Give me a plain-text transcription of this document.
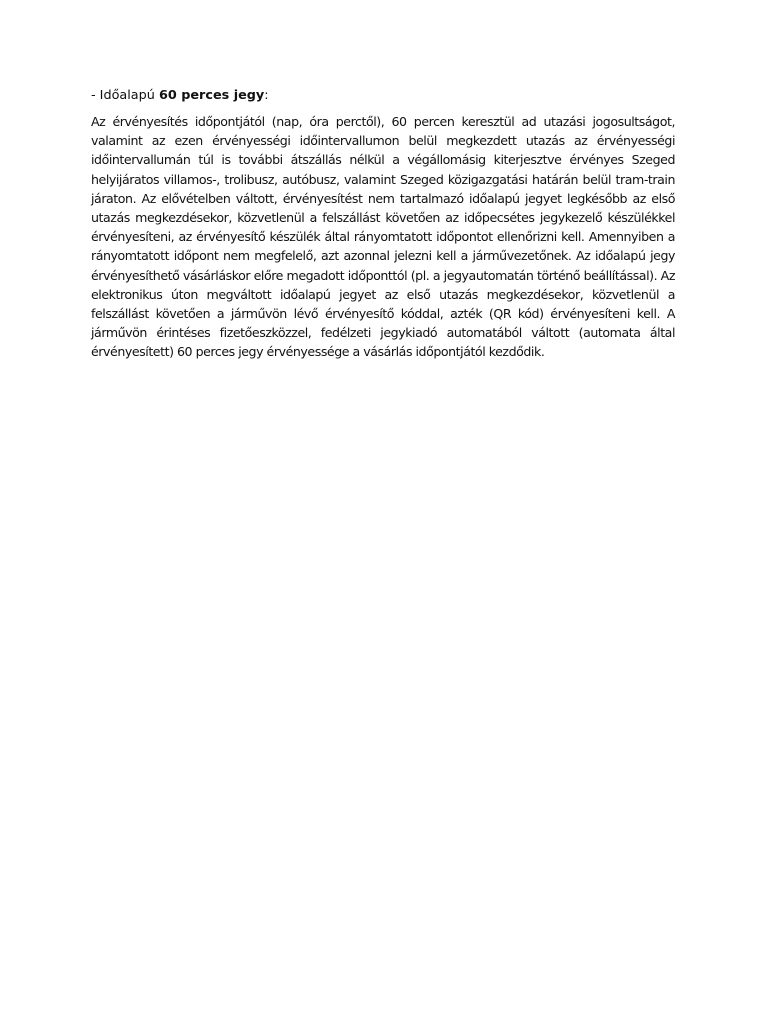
- Időalapú 60 perces jegy:

Az érvényesítés időpontjától (nap, óra perctől), 60 percen keresztül ad utazási jogosultságot, valamint az ezen érvényességi időintervallumon belül megkezdett utazás az érvényességi időintervallumán túl is további átszállás nélkül a végállomásig kiterjesztve érvényes Szeged helyijáratos villamos-, trolibusz, autóbusz, valamint Szeged közigazgatási határán belül tram-train járaton. Az elővételben váltott, érvényesítést nem tartalmazó időalapú jegyet legkésőbb az első utazás megkezdésekor, közvetlenül a felszállást követően az időpecsétes jegykezelő készülékkel érvényesíteni, az érvényesítő készülék által rányomtatott időpontot ellenőrizni kell. Amennyiben a rányomtatott időpont nem megfelelő, azt azonnal jelezni kell a járművezetőnek. Az időalapú jegy érvényesíthető vásárláskor előre megadott időponttól (pl. a jegyautomatán történő beállítással). Az elektronikus úton megváltott időalapú jegyet az első utazás megkezdésekor, közvetlenül a felszállást követően a járművön lévő érvényesítő kóddal, azték (QR kód) érvényesíteni kell. A járművön érintéses fizetőeszközzel, fedélzeti jegykiadó automatából váltott (automata által érvényesített) 60 perces jegy érvényessége a vásárlás időpontjától kezdődik.
